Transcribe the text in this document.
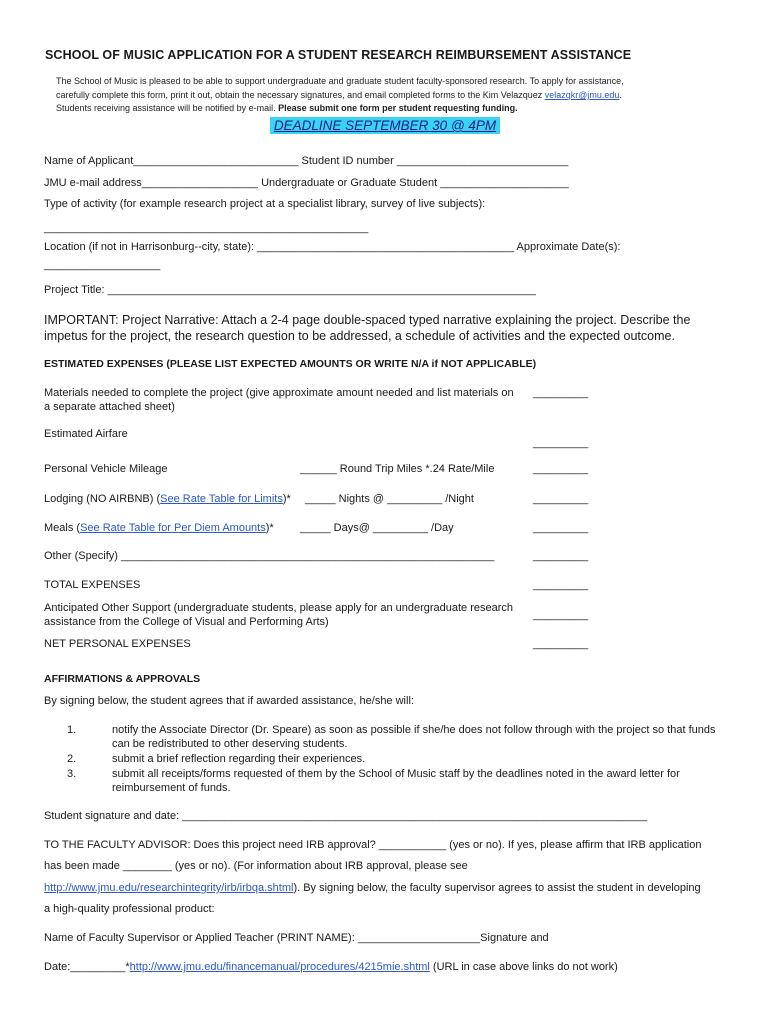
SCHOOL OF MUSIC APPLICATION FOR A STUDENT RESEARCH REIMBURSEMENT ASSISTANCE
The School of Music is pleased to be able to support undergraduate and graduate student faculty-sponsored research. To apply for assistance,
carefully complete this form, print it out, obtain the necessary signatures, and email completed forms to the Kim Velazquez velazqkr@jmu.edu.
Students receiving assistance will be notified by e-mail. Please submit one form per student requesting funding.
DEADLINE SEPTEMBER 30 @ 4PM
Name of Applicant___________________________ Student ID number ____________________________
JMU e-mail address___________________ Undergraduate or Graduate Student _____________________
Type of activity (for example research project at a specialist library, survey of live subjects):
_____________________________________________________
Location (if not in Harrisonburg--city, state): __________________________________________ Approximate Date(s):
___________________
Project Title: ______________________________________________________________________
IMPORTANT: Project Narrative: Attach a 2-4 page double-spaced typed narrative explaining the project. Describe the
impetus for the project, the research question to be addressed, a schedule of activities and the expected outcome.
ESTIMATED EXPENSES (PLEASE LIST EXPECTED AMOUNTS OR WRITE N/A if NOT APPLICABLE)
Materials needed to complete the project (give approximate amount needed and list materials on
a separate attached sheet)
_________
Estimated Airfare
_________
Personal Vehicle Mileage	______ Round Trip Miles *.24 Rate/Mile	_________
Lodging (NO AIRBNB) (See Rate Table for Limits)* _____ Nights @ _________ /Night	_________
Meals (See Rate Table for Per Diem Amounts)* _____ Days@ _________ /Day	_________
Other (Specify) _____________________________________________________________	_________
TOTAL EXPENSES	_________
Anticipated Other Support (undergraduate students, please apply for an undergraduate research
assistance from the College of Visual and Performing Arts)
_________
NET PERSONAL EXPENSES	_________
AFFIRMATIONS & APPROVALS
By signing below, the student agrees that if awarded assistance, he/she will:
1.	notify the Associate Director (Dr. Speare) as soon as possible if she/he does not follow through with the project so that funds
can be redistributed to other deserving students.
2.	submit a brief reflection regarding their experiences.
3.	submit all receipts/forms requested of them by the School of Music staff by the deadlines noted in the award letter for
reimbursement of funds.
Student signature and date: ____________________________________________________________________________
TO THE FACULTY ADVISOR: Does this project need IRB approval? ___________ (yes or no). If yes, please affirm that IRB application
has been made ________ (yes or no). (For information about IRB approval, please see
http://www.jmu.edu/researchintegrity/irb/irbqa.shtml). By signing below, the faculty supervisor agrees to assist the student in developing
a high-quality professional product:
Name of Faculty Supervisor or Applied Teacher (PRINT NAME): ____________________Signature and
Date:_________*http://www.jmu.edu/financemanual/procedures/4215mie.shtml (URL in case above links do not work)
